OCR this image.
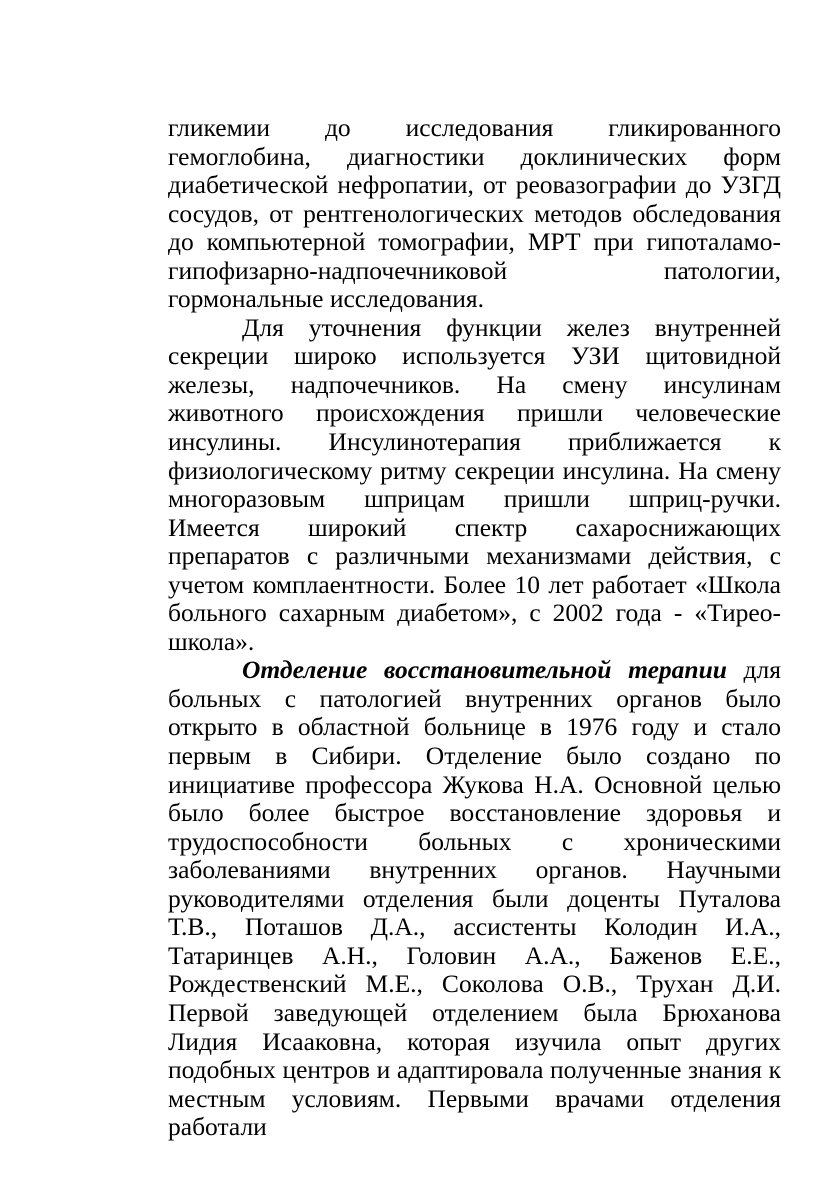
гликемии до исследования гликированного гемоглобина, диагностики доклинических форм диабетической нефропатии, от реовазографии до УЗГД сосудов, от рентгенологических методов обследования до компьютерной томографии, МРТ при гипоталамо-гипофизарно-надпочечниковой патологии, гормональные исследования.

Для уточнения функции желез внутренней секреции широко используется УЗИ щитовидной железы, надпочечников. На смену инсулинам животного происхождения пришли человеческие инсулины. Инсулинотерапия приближается к физиологическому ритму секреции инсулина. На смену многоразовым шприцам пришли шприц-ручки. Имеется широкий спектр сахароснижающих препаратов с различными механизмами действия, с учетом комплаентности. Более 10 лет работает «Школа больного сахарным диабетом», с 2002 года - «Тирео-школа».

Отделение восстановительной терапии для больных с патологией внутренних органов было открыто в областной больнице в 1976 году и стало первым в Сибири. Отделение было создано по инициативе профессора Жукова Н.А. Основной целью было более быстрое восстановление здоровья и трудоспособности больных с хроническими заболеваниями внутренних органов. Научными руководителями отделения были доценты Путалова Т.В., Поташов Д.А., ассистенты Колодин И.А., Татаринцев А.Н., Головин А.А., Баженов Е.Е., Рождественский М.Е., Соколова О.В., Трухан Д.И. Первой заведующей отделением была Брюханова Лидия Исааковна, которая изучила опыт других подобных центров и адаптировала полученные знания к местным условиям. Первыми врачами отделения работали
